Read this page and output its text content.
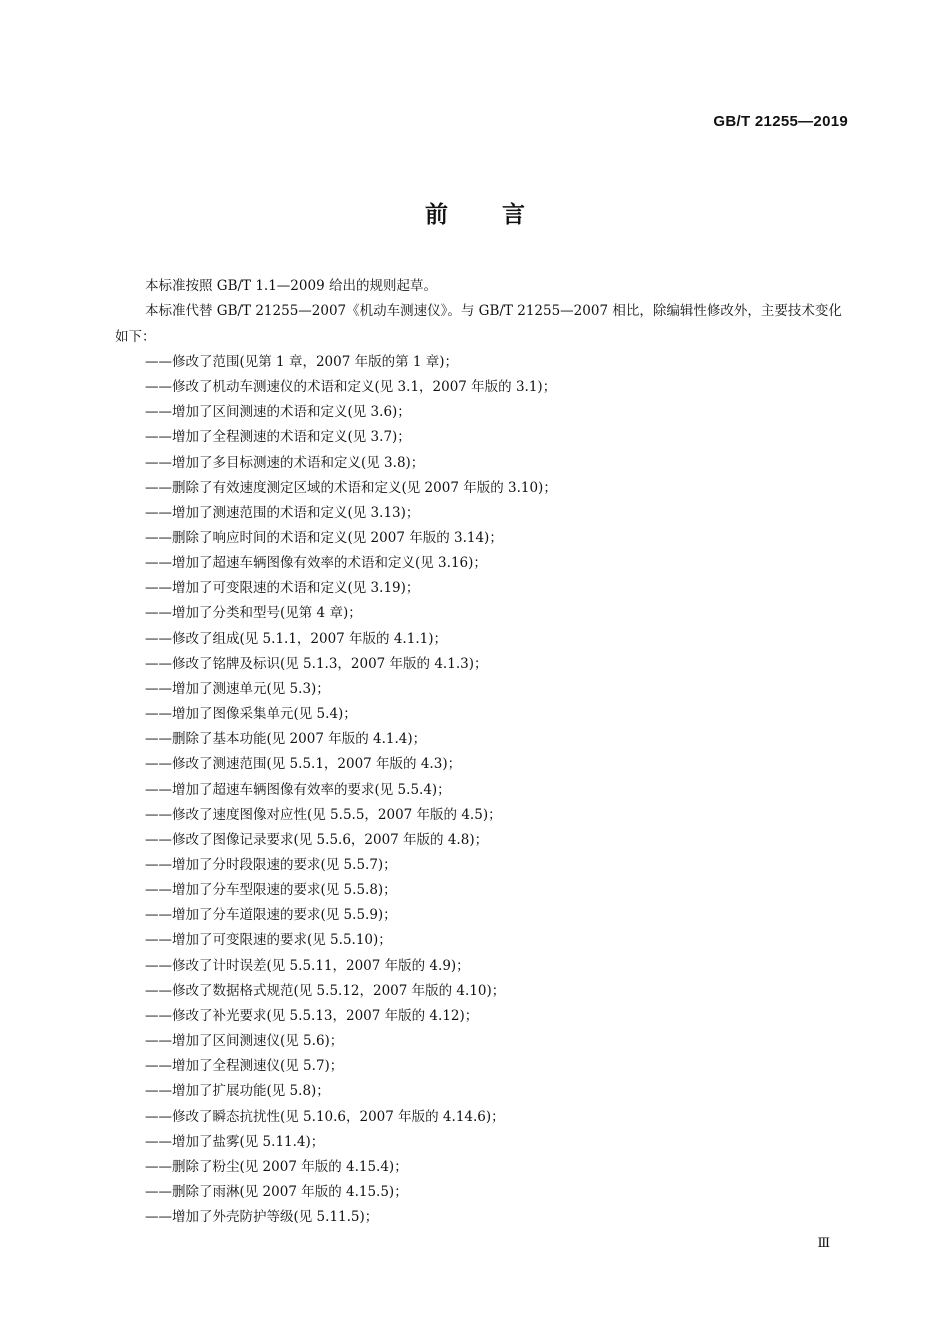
GB/T 21255—2019
前言

本标准按照 GB/T 1.1—2009 给出的规则起草。

本标准代替 GB/T 21255—2007《机动车测速仪》。与 GB/T 21255—2007 相比，除编辑性修改外，主要技术变化如下：

——修改了范围(见第 1 章，2007 年版的第 1 章)；
——修改了机动车测速仪的术语和定义(见 3.1，2007 年版的 3.1)；
——增加了区间测速的术语和定义(见 3.6)；
——增加了全程测速的术语和定义(见 3.7)；
——增加了多目标测速的术语和定义(见 3.8)；
——删除了有效速度测定区域的术语和定义(见 2007 年版的 3.10)；
——增加了测速范围的术语和定义(见 3.13)；
——删除了响应时间的术语和定义(见 2007 年版的 3.14)；
——增加了超速车辆图像有效率的术语和定义(见 3.16)；
——增加了可变限速的术语和定义(见 3.19)；
——增加了分类和型号(见第 4 章)；
——修改了组成(见 5.1.1，2007 年版的 4.1.1)；
——修改了铭牌及标识(见 5.1.3，2007 年版的 4.1.3)；
——增加了测速单元(见 5.3)；
——增加了图像采集单元(见 5.4)；
——删除了基本功能(见 2007 年版的 4.1.4)；
——修改了测速范围(见 5.5.1，2007 年版的 4.3)；
——增加了超速车辆图像有效率的要求(见 5.5.4)；
——修改了速度图像对应性(见 5.5.5，2007 年版的 4.5)；
——修改了图像记录要求(见 5.5.6，2007 年版的 4.8)；
——增加了分时段限速的要求(见 5.5.7)；
——增加了分车型限速的要求(见 5.5.8)；
——增加了分车道限速的要求(见 5.5.9)；
——增加了可变限速的要求(见 5.5.10)；
——修改了计时误差(见 5.5.11，2007 年版的 4.9)；
——修改了数据格式规范(见 5.5.12，2007 年版的 4.10)；
——修改了补光要求(见 5.5.13，2007 年版的 4.12)；
——增加了区间测速仪(见 5.6)；
——增加了全程测速仪(见 5.7)；
——增加了扩展功能(见 5.8)；
——修改了瞬态抗扰性(见 5.10.6，2007 年版的 4.14.6)；
——增加了盐雾(见 5.11.4)；
——删除了粉尘(见 2007 年版的 4.15.4)；
——删除了雨淋(见 2007 年版的 4.15.5)；
——增加了外壳防护等级(见 5.11.5)；
Ⅲ
